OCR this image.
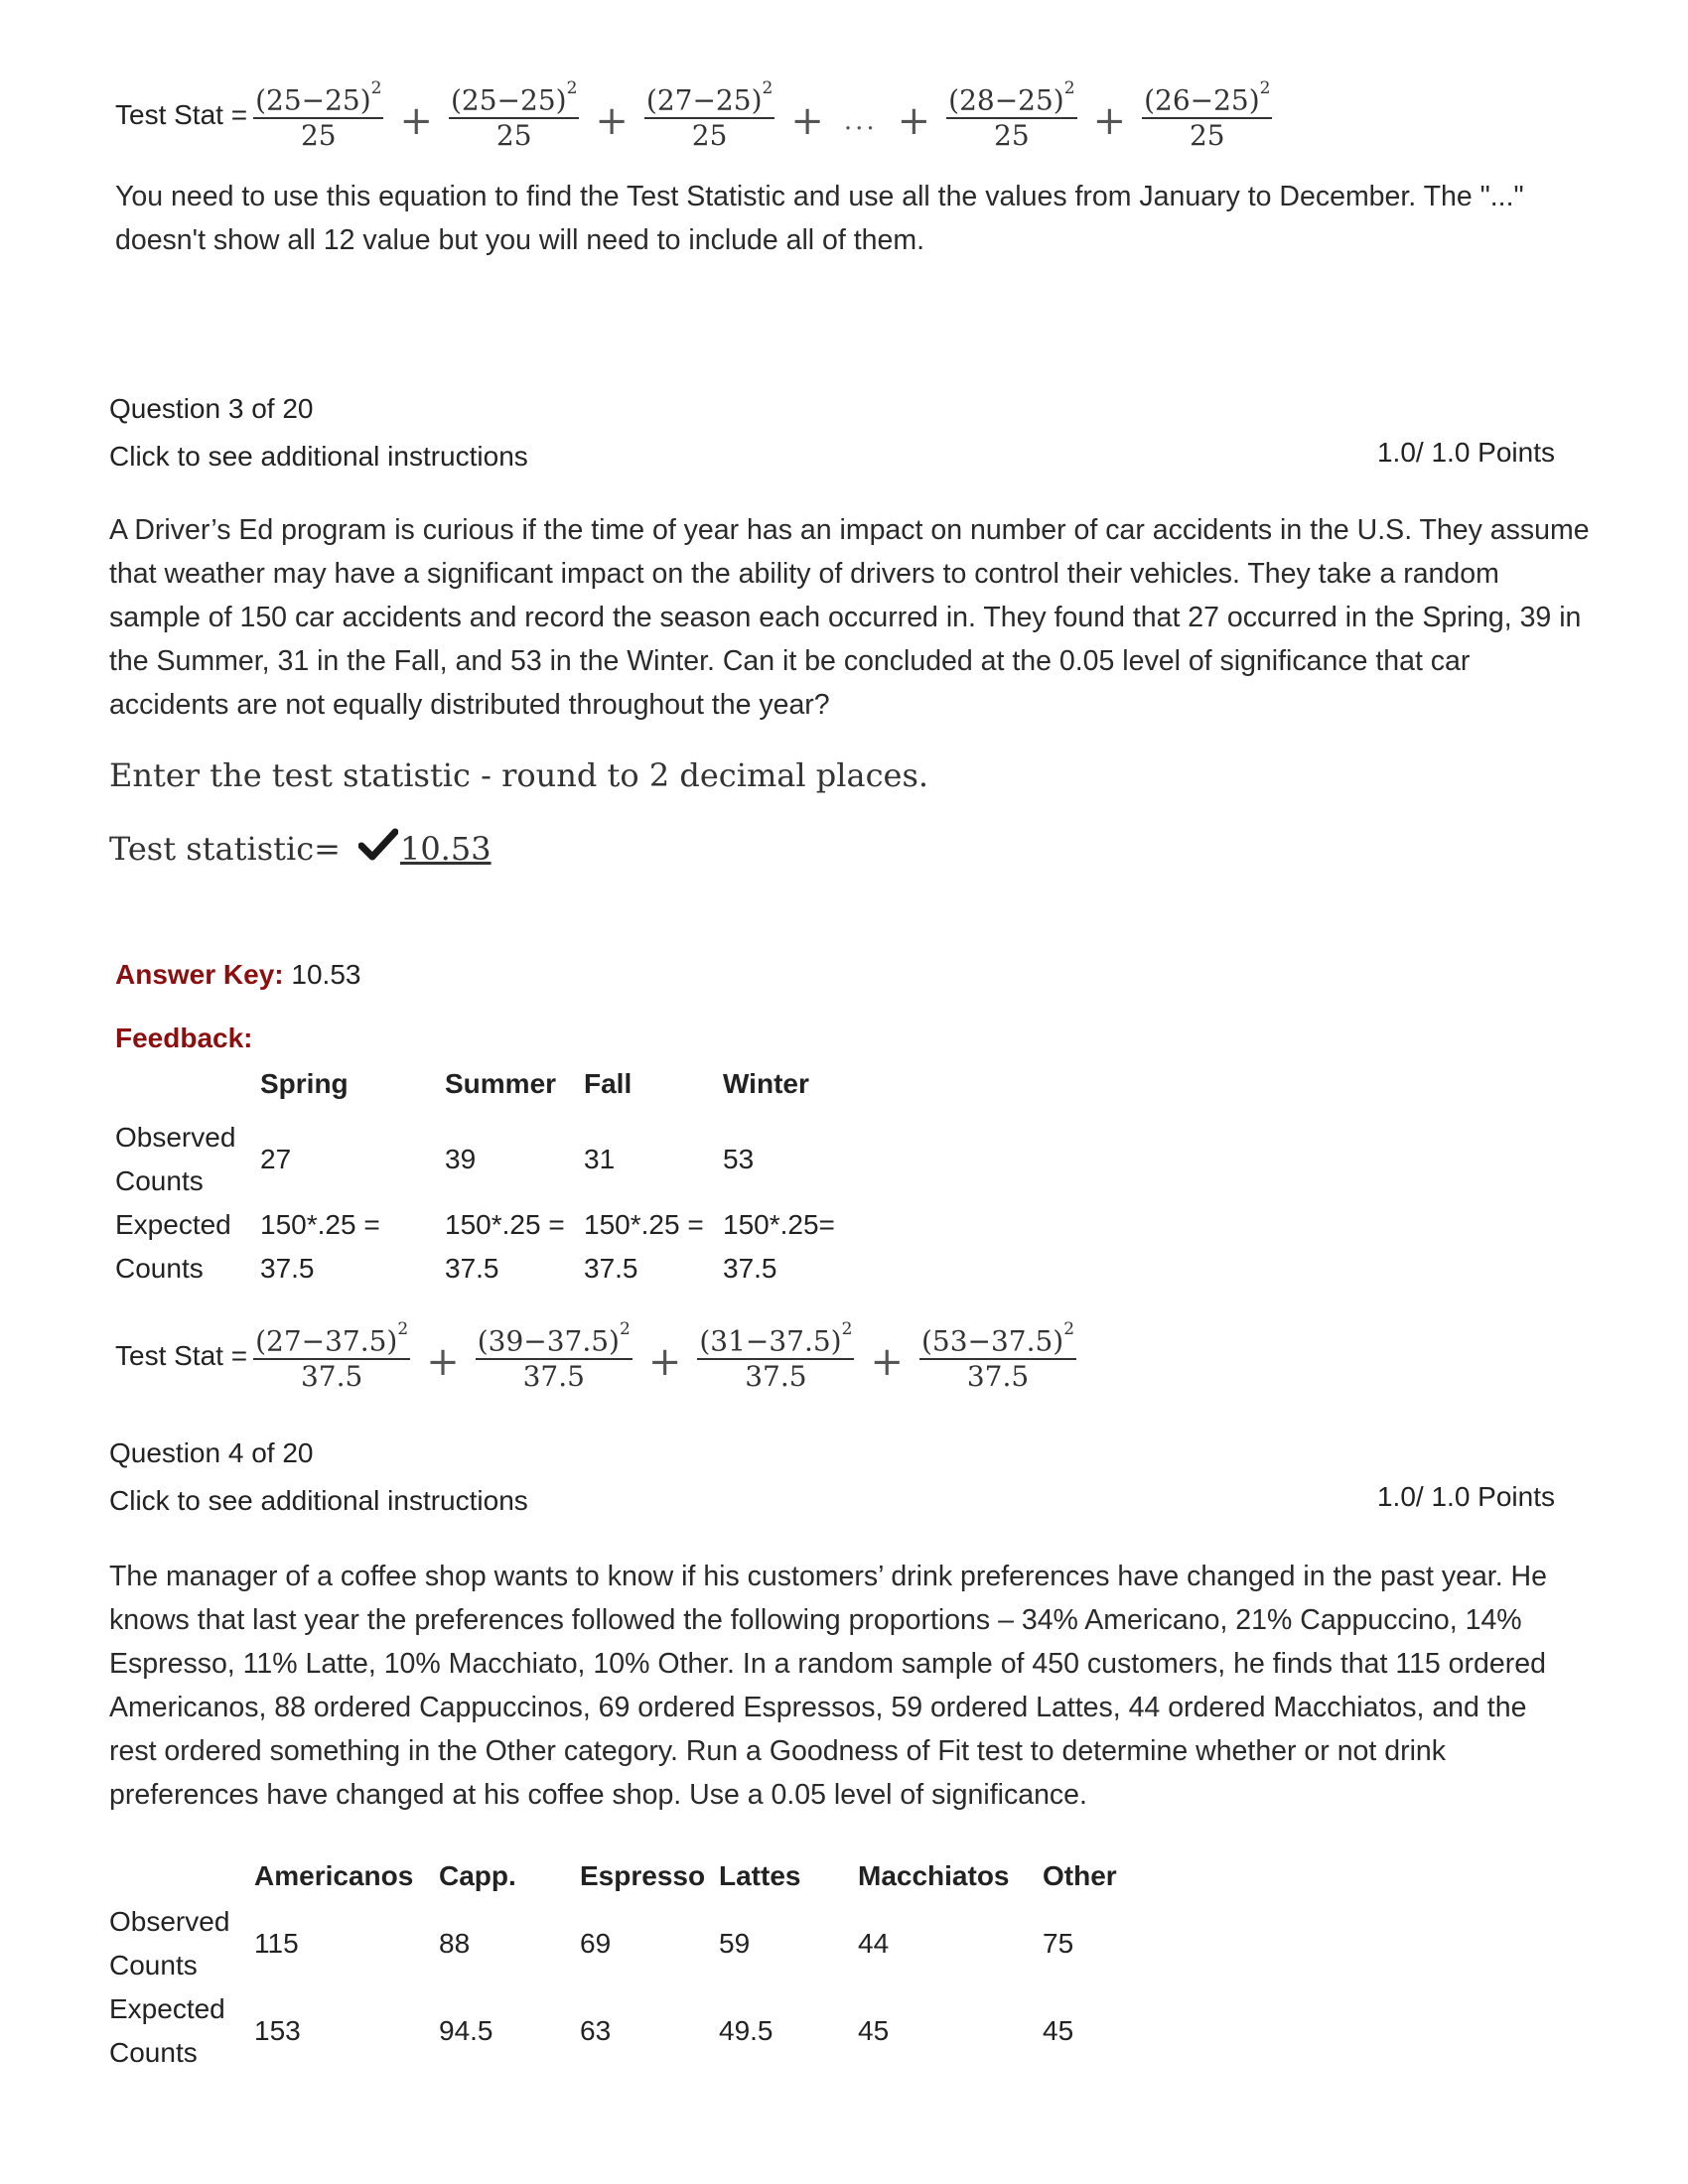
Test Stat = $\frac{(25-25)^2}{25} + \frac{(25-25)^2}{25} + \frac{(27-25)^2}{25}$ + ... + $\frac{(28-25)^2}{25} + \frac{(26-25)^2}{25}$
You need to use this equation to find the Test Statistic and use all the values from January to December. The "..."
doesn't show all 12 value but you will need to include all of them.
Question 3 of 20
Click to see additional instructions	1.0/ 1.0 Points
A Driver’s Ed program is curious if the time of year has an impact on number of car accidents in the U.S. They assume
that weather may have a significant impact on the ability of drivers to control their vehicles. They take a random
sample of 150 car accidents and record the season each occurred in. They found that 27 occurred in the Spring, 39 in
the Summer, 31 in the Fall, and 53 in the Winter. Can it be concluded at the 0.05 level of significance that car
accidents are not equally distributed throughout the year?
Enter the test statistic - round to 2 decimal places.
Test statistic= 10.53
Answer Key: 10.53
Feedback:
Spring	Summer Fall	Winter
Observed
Counts
27	39	31	53
Expected
Counts
150*.25 = 150*.25 = 150*.25 = 150*.25=
37.5	37.5	37.5	37.5
Test Stat = $\frac{(27-37.5)^2}{37.5} + \frac{(39-37.5)^2}{37.5} + \frac{(31-37.5)^2}{37.5} + \frac{(53-37.5)^2}{37.5}$
Question 4 of 20
Click to see additional instructions	1.0/ 1.0 Points
The manager of a coffee shop wants to know if his customers’ drink preferences have changed in the past year. He
knows that last year the preferences followed the following proportions – 34% Americano, 21% Cappuccino, 14%
Espresso, 11% Latte, 10% Macchiato, 10% Other. In a random sample of 450 customers, he finds that 115 ordered
Americanos, 88 ordered Cappuccinos, 69 ordered Espressos, 59 ordered Lattes, 44 ordered Macchiatos, and the
rest ordered something in the Other category. Run a Goodness of Fit test to determine whether or not drink
preferences have changed at his coffee shop. Use a 0.05 level of significance.
Americanos Capp. Espresso Lattes Macchiatos Other
Observed
Counts
115	88	69	59	44	75
Expected
Counts
153	94.5	63	49.5	45	45
